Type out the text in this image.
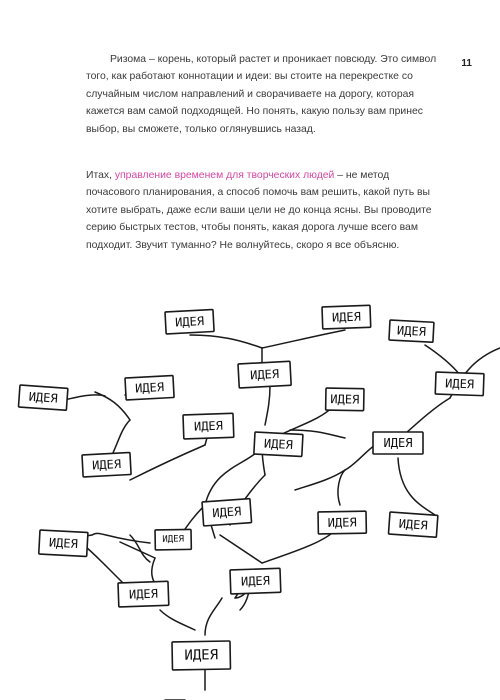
11

Ризома – корень, который растет и проникает повсюду. Это символ того, как работают коннотации и идеи: вы стоите на перекрестке со случайным числом направлений и сворачиваете на дорогу, которая кажется вам самой подходящей. Но понять, какую пользу вам принес выбор, вы сможете, только оглянувшись назад.

Итах, управление временем для творческих людей – не метод почасового планирования, а способ помочь вам решить, какой путь вы хотите выбрать, даже если ваши цели не до конца ясны. Вы проводите серию быстрых тестов, чтобы понять, какая дорога лучше всего вам подходит. Звучит туманно? Не волнуйтесь, скоро я все объясню.

ИДЕЯ	ИДЕЯ
ИДЕЯ
ИДЕЯ
ИДЕЯ
ИДЕЯ
ИДЕЯ
ИДЕЯ
ИДЕЯ
ИДЕЯ	ИДЕЯ
ИДЕЯ
ИДЕЯ
ИДЕЯ	ИДЕЯ
ИДЕЯ	ИДЕЯ
ИДЕЯ
ИДЕЯ
ИДЕЯ
